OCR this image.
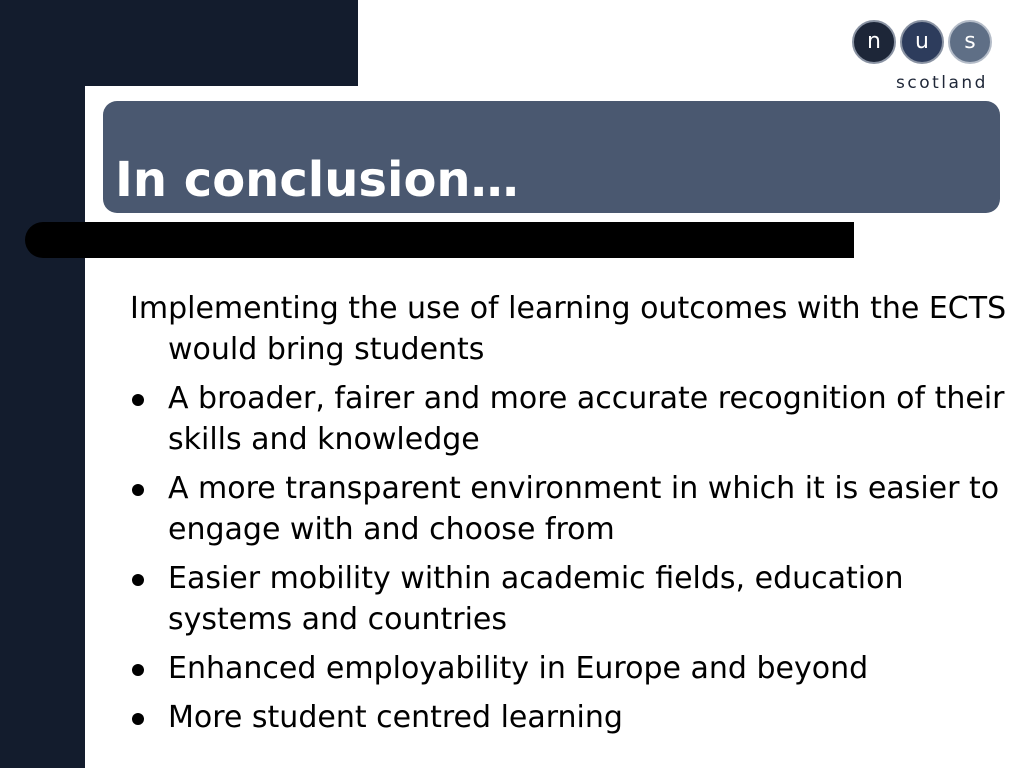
n	u	s
scotland
In conclusion…

Implementing the use of learning outcomes with the ECTS would bring students

A broader, fairer and more accurate recognition of their skills and knowledge
A more transparent environment in which it is easier to engage with and choose from
Easier mobility within academic fields, education systems and countries
Enhanced employability in Europe and beyond
More student centred learning
